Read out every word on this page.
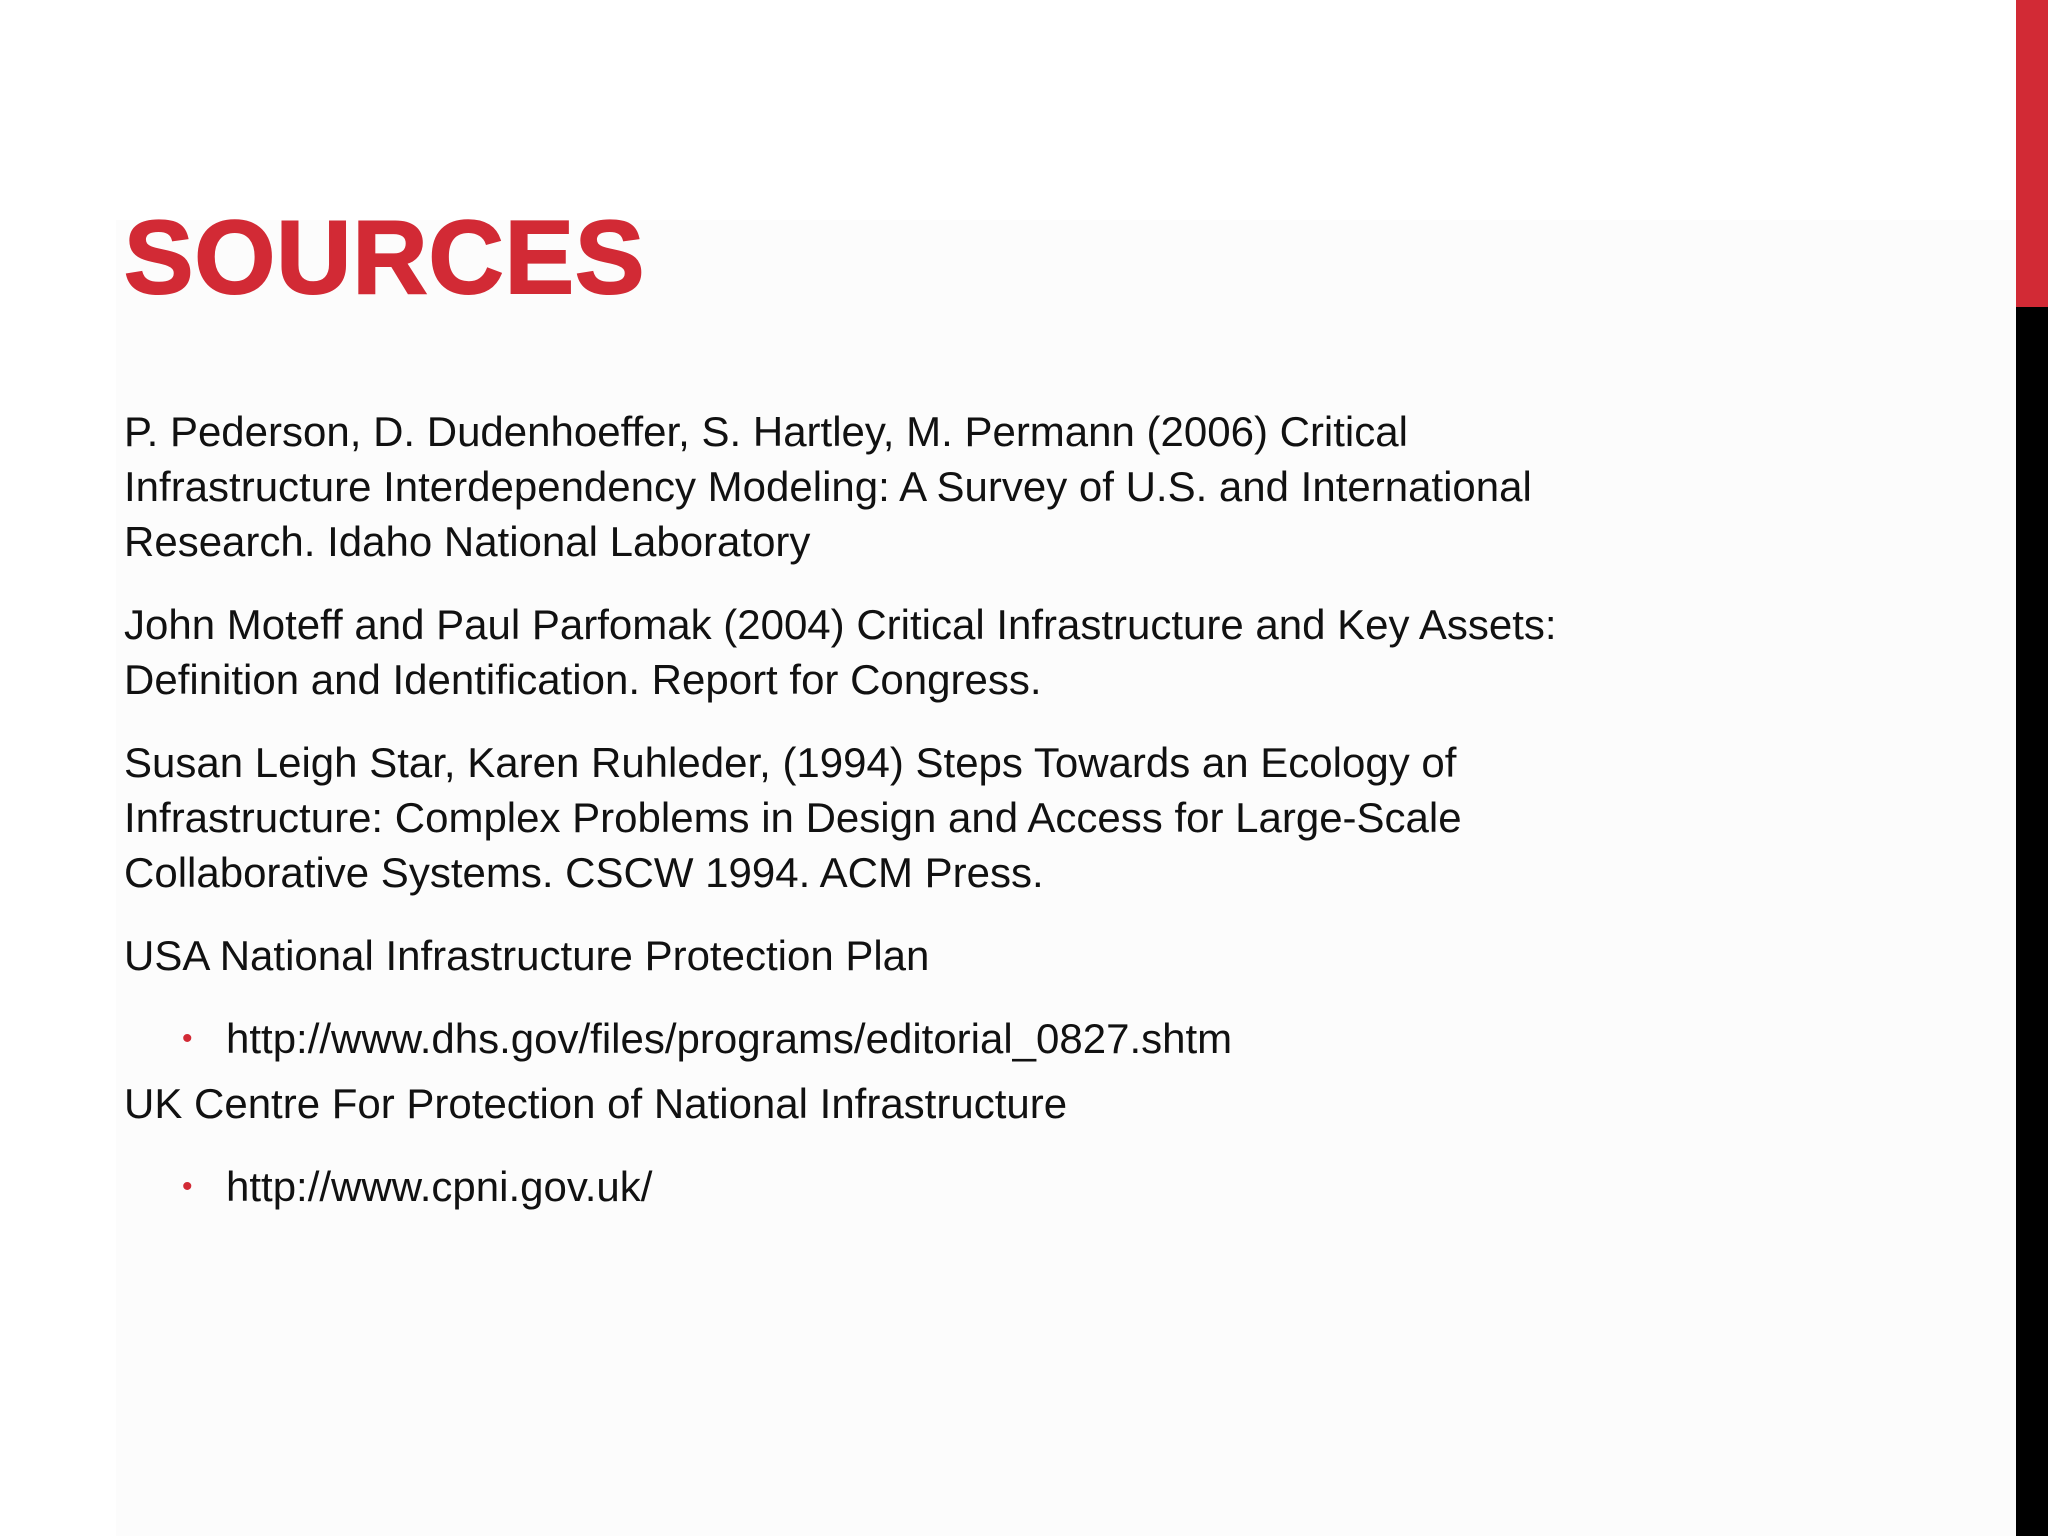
SOURCES

P. Pederson, D. Dudenhoeffer, S. Hartley, M. Permann (2006) Critical
Infrastructure Interdependency Modeling: A Survey of U.S. and International
Research. Idaho National Laboratory

John Moteff and Paul Parfomak (2004) Critical Infrastructure and Key Assets:
Definition and Identification. Report for Congress.

Susan Leigh Star, Karen Ruhleder, (1994) Steps Towards an Ecology of
Infrastructure: Complex Problems in Design and Access for Large-Scale
Collaborative Systems. CSCW 1994. ACM Press.

USA National Infrastructure Protection Plan

• http://www.dhs.gov/files/programs/editorial_0827.shtm

UK Centre For Protection of National Infrastructure

• http://www.cpni.gov.uk/
